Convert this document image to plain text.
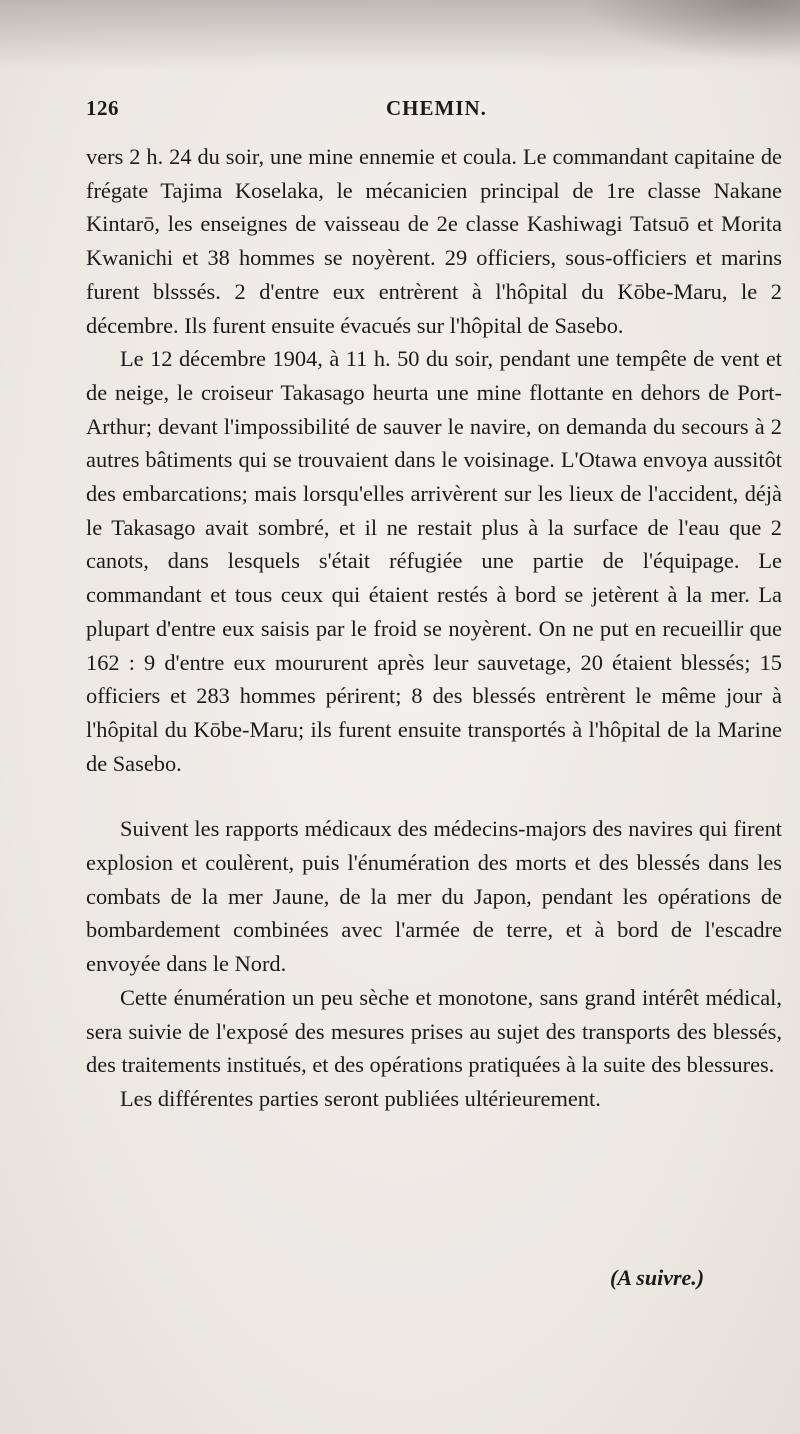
126	CHEMIN.

vers 2 h. 24 du soir, une mine ennemie et coula. Le commandant capitaine de frégate Tajima Koselaka, le mécanicien principal de 1re classe Nakane Kintarō, les enseignes de vaisseau de 2e classe Kashiwagi Tatsuō et Morita Kwanichi et 38 hommes se noyèrent. 29 officiers, sous-officiers et marins furent blsssés. 2 d'entre eux entrèrent à l'hôpital du Kōbe-Maru, le 2 décembre. Ils furent ensuite évacués sur l'hôpital de Sasebo.

Le 12 décembre 1904, à 11 h. 50 du soir, pendant une tempête de vent et de neige, le croiseur Takasago heurta une mine flottante en dehors de Port-Arthur; devant l'impossibilité de sauver le navire, on demanda du secours à 2 autres bâtiments qui se trouvaient dans le voisinage. L'Otawa envoya aussitôt des embarcations; mais lorsqu'elles arrivèrent sur les lieux de l'accident, déjà le Takasago avait sombré, et il ne restait plus à la surface de l'eau que 2 canots, dans lesquels s'était réfugiée une partie de l'équipage. Le commandant et tous ceux qui étaient restés à bord se jetèrent à la mer. La plupart d'entre eux saisis par le froid se noyèrent. On ne put en recueillir que 162 : 9 d'entre eux moururent après leur sauvetage, 20 étaient blessés; 15 officiers et 283 hommes périrent; 8 des blessés entrèrent le même jour à l'hôpital du Kōbe-Maru; ils furent ensuite transportés à l'hôpital de la Marine de Sasebo.

Suivent les rapports médicaux des médecins-majors des navires qui firent explosion et coulèrent, puis l'énumération des morts et des blessés dans les combats de la mer Jaune, de la mer du Japon, pendant les opérations de bombardement combinées avec l'armée de terre, et à bord de l'escadre envoyée dans le Nord.

Cette énumération un peu sèche et monotone, sans grand intérêt médical, sera suivie de l'exposé des mesures prises au sujet des transports des blessés, des traitements institués, et des opérations pratiquées à la suite des blessures.

Les différentes parties seront publiées ultérieurement.

(A suivre.)
